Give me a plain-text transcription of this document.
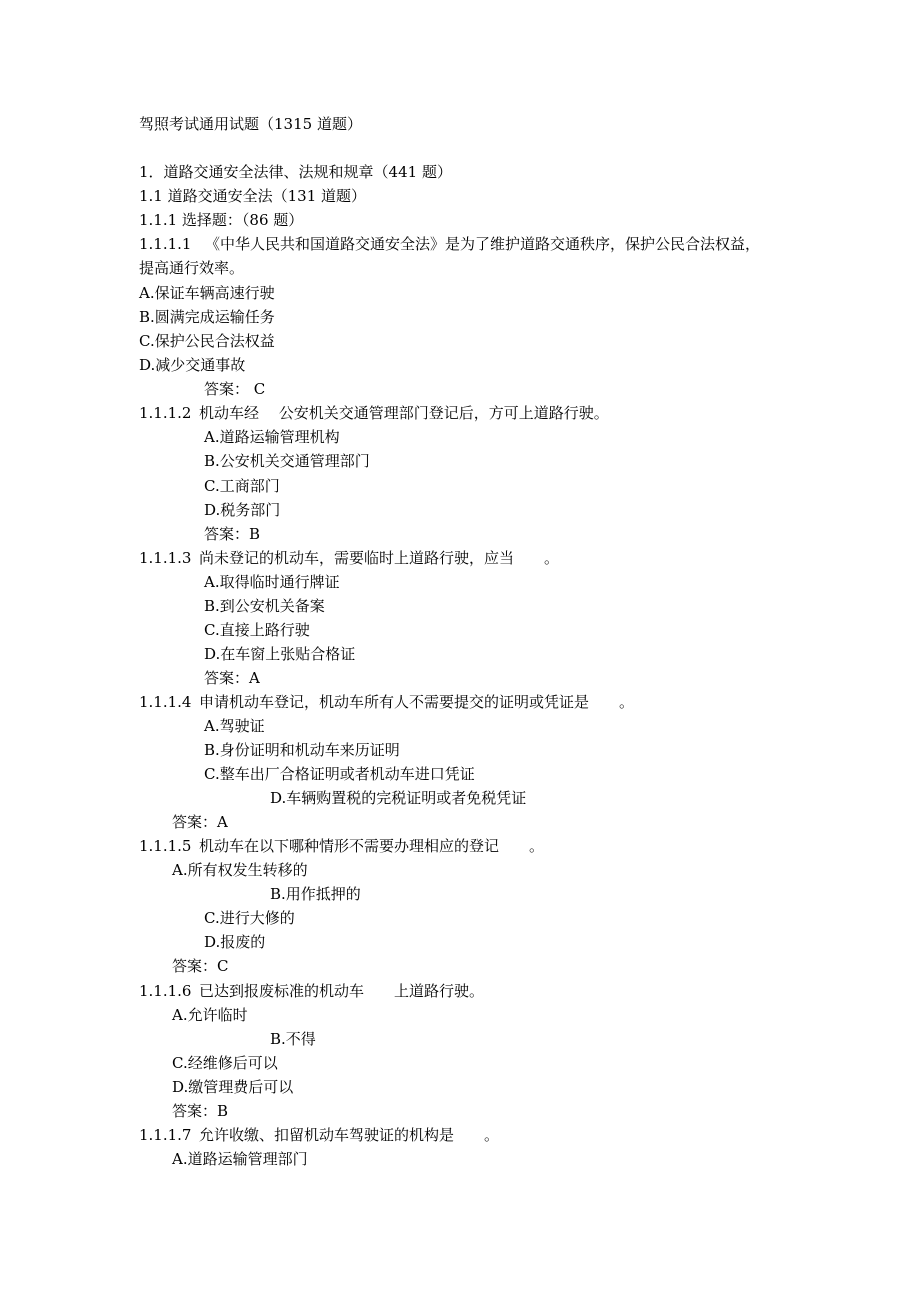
驾照考试通用试题（1315 道题）
1．道路交通安全法律、法规和规章（441 题）
1.1 道路交通安全法（131 道题）
1.1.1 选择题：（86 题）
1.1.1.1 《中华人民共和国道路交通安全法》是为了维护道路交通秩序，保护公民合法权益，
提高通行效率。
A.保证车辆高速行驶
B.圆满完成运输任务
C.保护公民合法权益
D.减少交通事故
答案： C
1.1.1.2 机动车经　 公安机关交通管理部门登记后，方可上道路行驶。
A.道路运输管理机构
B.公安机关交通管理部门
C.工商部门
D.税务部门
答案：B
1.1.1.3 尚未登记的机动车，需要临时上道路行驶，应当　　。
A.取得临时通行牌证
B.到公安机关备案
C.直接上路行驶
D.在车窗上张贴合格证
答案：A
1.1.1.4 申请机动车登记，机动车所有人不需要提交的证明或凭证是　　。
A.驾驶证
B.身份证明和机动车来历证明
C.整车出厂合格证明或者机动车进口凭证
D.车辆购置税的完税证明或者免税凭证
答案：A
1.1.1.5 机动车在以下哪种情形不需要办理相应的登记　　。
A.所有权发生转移的
B.用作抵押的
C.进行大修的
D.报废的
答案：C
1.1.1.6 已达到报废标准的机动车　　上道路行驶。
A.允许临时
B.不得
C.经维修后可以
D.缴管理费后可以
答案：B
1.1.1.7 允许收缴、扣留机动车驾驶证的机构是　　。
A.道路运输管理部门
